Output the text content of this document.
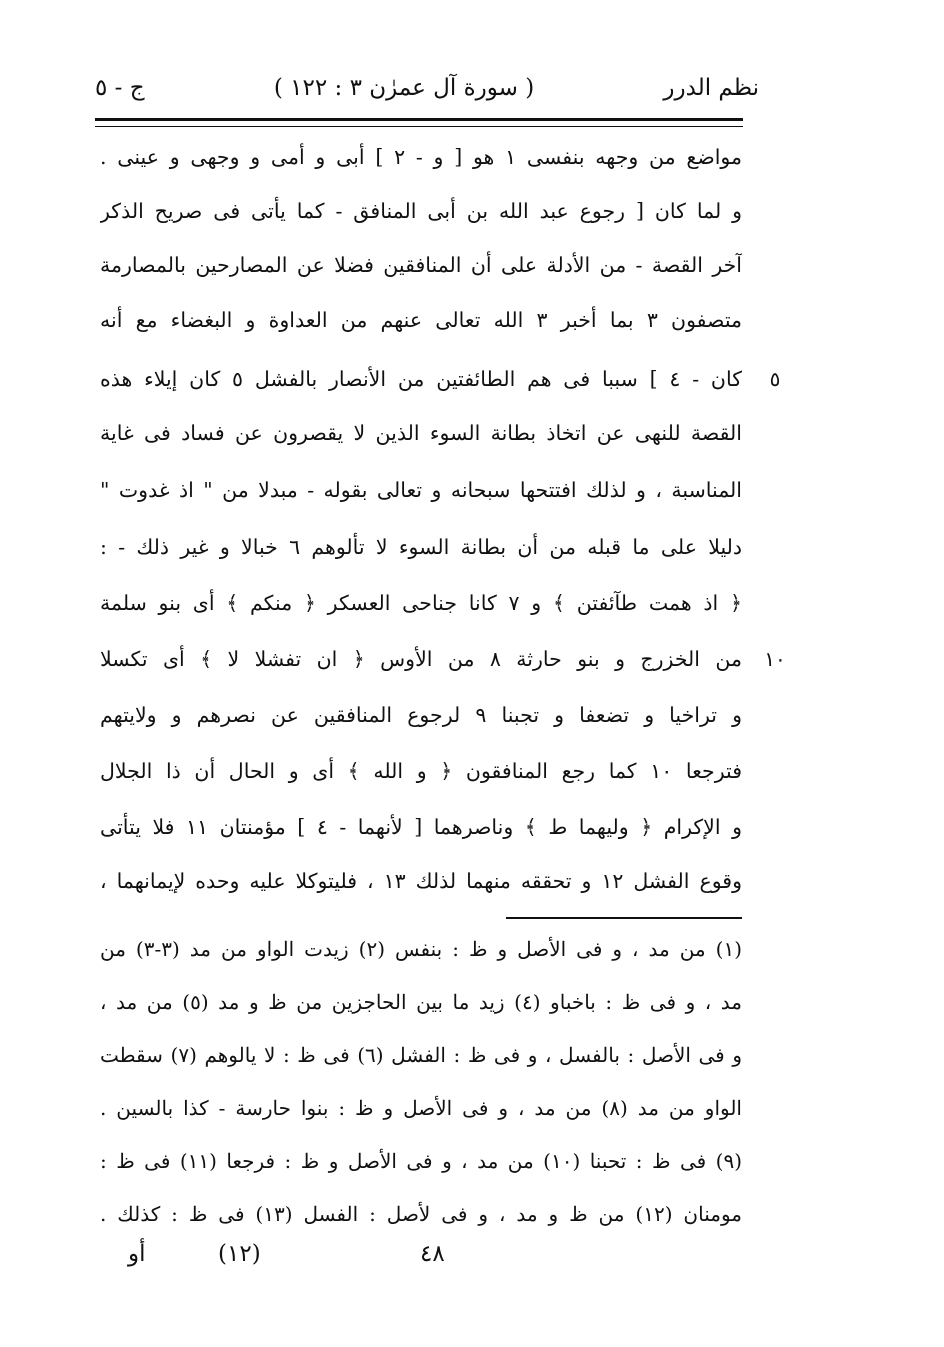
نظم الدرر
( سورة آل عمرٰن ٣ : ١٢٢ )
ج - ٥
مواضع من وجهه بنفسى ١ هو [ و - ٢ ] أبى و أمى و وجهى و عينى .
و لما كان [ رجوع عبد الله بن أبى المنافق - كما يأتى فى صريح الذكر
آخر القصة - من الأدلة على أن المنافقين فضلا عن المصارحين بالمصارمة
متصفون ٣ بما أخبر ٣ الله تعالى عنهم من العداوة و البغضاء مع أنه
كان - ٤ ] سببا فى هم الطائفتين من الأنصار بالفشل ٥ كان إيلاء هذه
القصة للنهى عن اتخاذ بطانة السوء الذين لا يقصرون عن فساد فى غاية
المناسبة ، و لذلك افتتحها سبحانه و تعالى بقوله - مبدلا من " اذ غدوت "
دليلا على ما قبله من أن بطانة السوء لا تألوهم ٦ خبالا و غير ذلك - :
﴿ اذ همت طآئفتن ﴾ و ٧ كانا جناحى العسكر ﴿ منكم ﴾ أى بنو سلمة
من الخزرج و بنو حارثة ٨ من الأوس ﴿ ان تفشلا لا ﴾ أى تكسلا
و تراخيا و تضعفا و تجبنا ٩ لرجوع المنافقين عن نصرهم و ولايتهم
فترجعا ١٠ كما رجع المنافقون ﴿ و الله ﴾ أى و الحال أن ذا الجلال
و الإكرام ﴿ وليهما ط ﴾ وناصرهما [ لأنهما - ٤ ] مؤمنتان ١١ فلا يتأتى
وقوع الفشل ١٢ و تحققه منهما لذلك ١٣ ، فليتوكلا عليه وحده لإيمانهما ،
٥
١٠
(١) من مد ، و فى الأصل و ظ : بنفس (٢) زيدت الواو من مد (٣-٣) من
مد ، و فى ظ : باخباو (٤) زيد ما بين الحاجزين من ظ و مد (٥) من مد ،
و فى الأصل : بالفسل ، و فى ظ : الفشل (٦) فى ظ : لا يالوهم (٧) سقطت
الواو من مد (٨) من مد ، و فى الأصل و ظ : بنوا حارسة - كذا بالسين .
(٩) فى ظ : تحبنا (١٠) من مد ، و فى الأصل و ظ : فرجعا (١١) فى ظ :
مومنان (١٢) من ظ و مد ، و فى لأصل : الفسل (١٣) فى ظ : كذلك .
أو	(١٢)	٤٨
